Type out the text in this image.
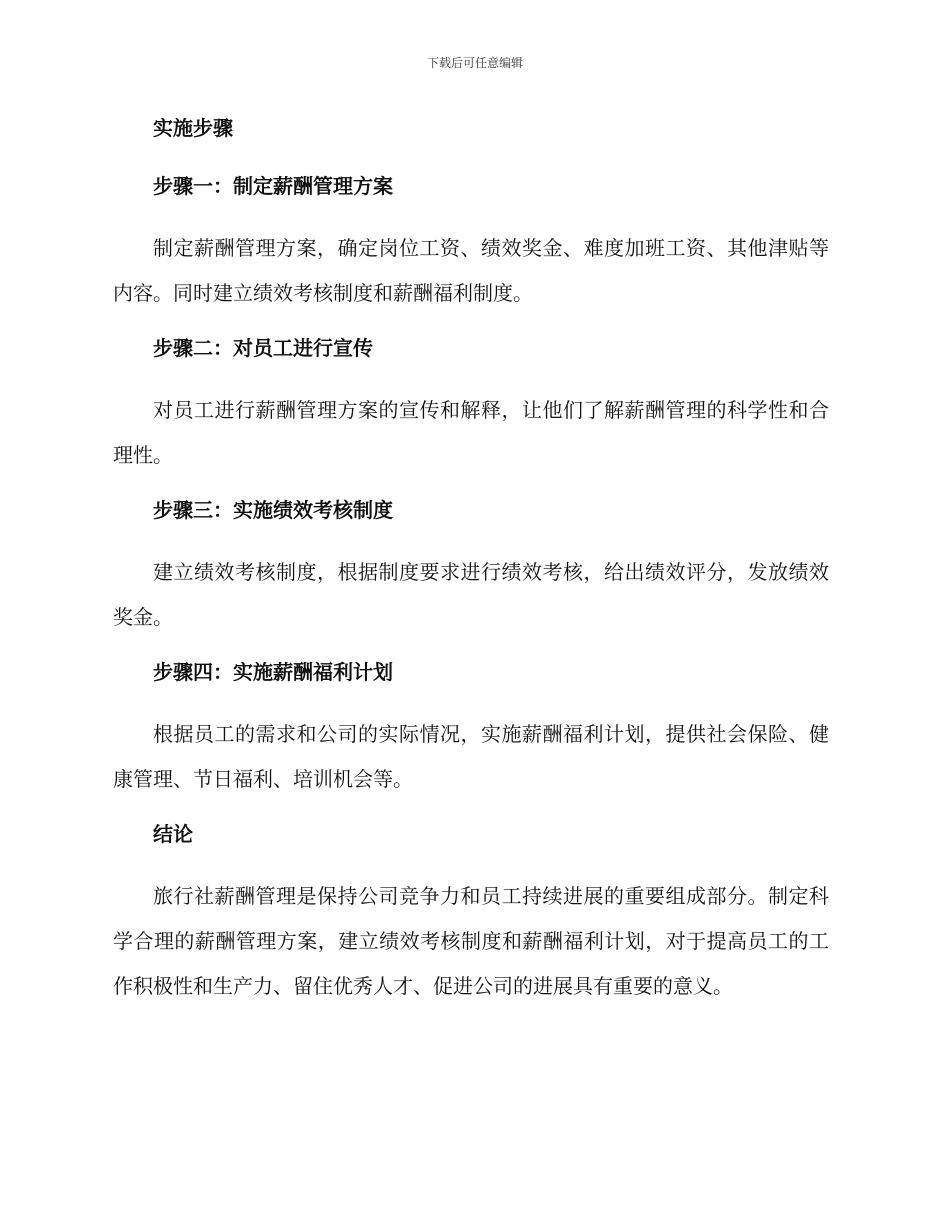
下载后可任意编辑
实施步骤
步骤一：制定薪酬管理方案
制定薪酬管理方案，确定岗位工资、绩效奖金、难度加班工资、其他津贴等内容。同时建立绩效考核制度和薪酬福利制度。
步骤二：对员工进行宣传
对员工进行薪酬管理方案的宣传和解释，让他们了解薪酬管理的科学性和合理性。
步骤三：实施绩效考核制度
建立绩效考核制度，根据制度要求进行绩效考核，给出绩效评分，发放绩效奖金。
步骤四：实施薪酬福利计划
根据员工的需求和公司的实际情况，实施薪酬福利计划，提供社会保险、健康管理、节日福利、培训机会等。
结论
旅行社薪酬管理是保持公司竞争力和员工持续进展的重要组成部分。制定科学合理的薪酬管理方案，建立绩效考核制度和薪酬福利计划，对于提高员工的工作积极性和生产力、留住优秀人才、促进公司的进展具有重要的意义。
